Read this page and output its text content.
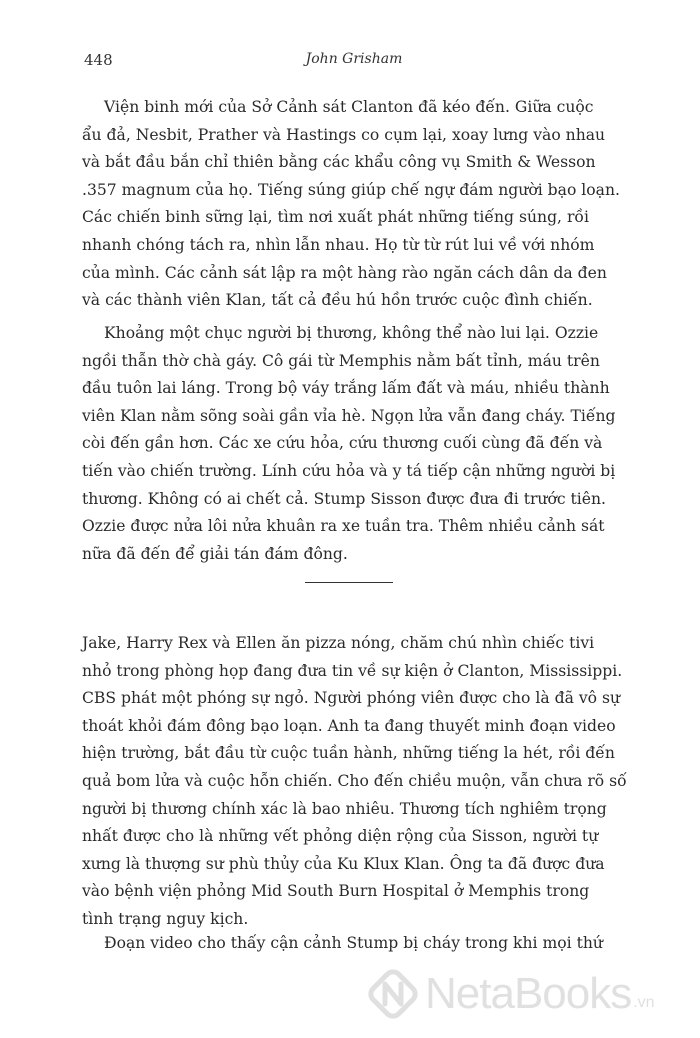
448	John Grisham

Viện binh mới của Sở Cảnh sát Clanton đã kéo đến. Giữa cuộc
ẩu đả, Nesbit, Prather và Hastings co cụm lại, xoay lưng vào nhau
và bắt đầu bắn chỉ thiên bằng các khẩu công vụ Smith & Wesson
.357 magnum của họ. Tiếng súng giúp chế ngự đám người bạo loạn.
Các chiến binh sững lại, tìm nơi xuất phát những tiếng súng, rồi
nhanh chóng tách ra, nhìn lẫn nhau. Họ từ từ rút lui về với nhóm
của mình. Các cảnh sát lập ra một hàng rào ngăn cách dân da đen
và các thành viên Klan, tất cả đều hú hồn trước cuộc đình chiến.

Khoảng một chục người bị thương, không thể nào lui lại. Ozzie
ngồi thẫn thờ chà gáy. Cô gái từ Memphis nằm bất tỉnh, máu trên
đầu tuôn lai láng. Trong bộ váy trắng lấm đất và máu, nhiều thành
viên Klan nằm sõng soài gần vỉa hè. Ngọn lửa vẫn đang cháy. Tiếng
còi đến gần hơn. Các xe cứu hỏa, cứu thương cuối cùng đã đến và
tiến vào chiến trường. Lính cứu hỏa và y tá tiếp cận những người bị
thương. Không có ai chết cả. Stump Sisson được đưa đi trước tiên.
Ozzie được nửa lôi nửa khuân ra xe tuần tra. Thêm nhiều cảnh sát
nữa đã đến để giải tán đám đông.

Jake, Harry Rex và Ellen ăn pizza nóng, chăm chú nhìn chiếc tivi
nhỏ trong phòng họp đang đưa tin về sự kiện ở Clanton, Mississippi.
CBS phát một phóng sự ngỏ. Người phóng viên được cho là đã vô sự
thoát khỏi đám đông bạo loạn. Anh ta đang thuyết minh đoạn video
hiện trường, bắt đầu từ cuộc tuần hành, những tiếng la hét, rồi đến
quả bom lửa và cuộc hỗn chiến. Cho đến chiều muộn, vẫn chưa rõ số
người bị thương chính xác là bao nhiêu. Thương tích nghiêm trọng
nhất được cho là những vết phỏng diện rộng của Sisson, người tự
xưng là thượng sư phù thủy của Ku Klux Klan. Ông ta đã được đưa
vào bệnh viện phỏng Mid South Burn Hospital ở Memphis trong
tình trạng nguy kịch.

Đoạn video cho thấy cận cảnh Stump bị cháy trong khi mọi thứ

NetaBooks .vn
